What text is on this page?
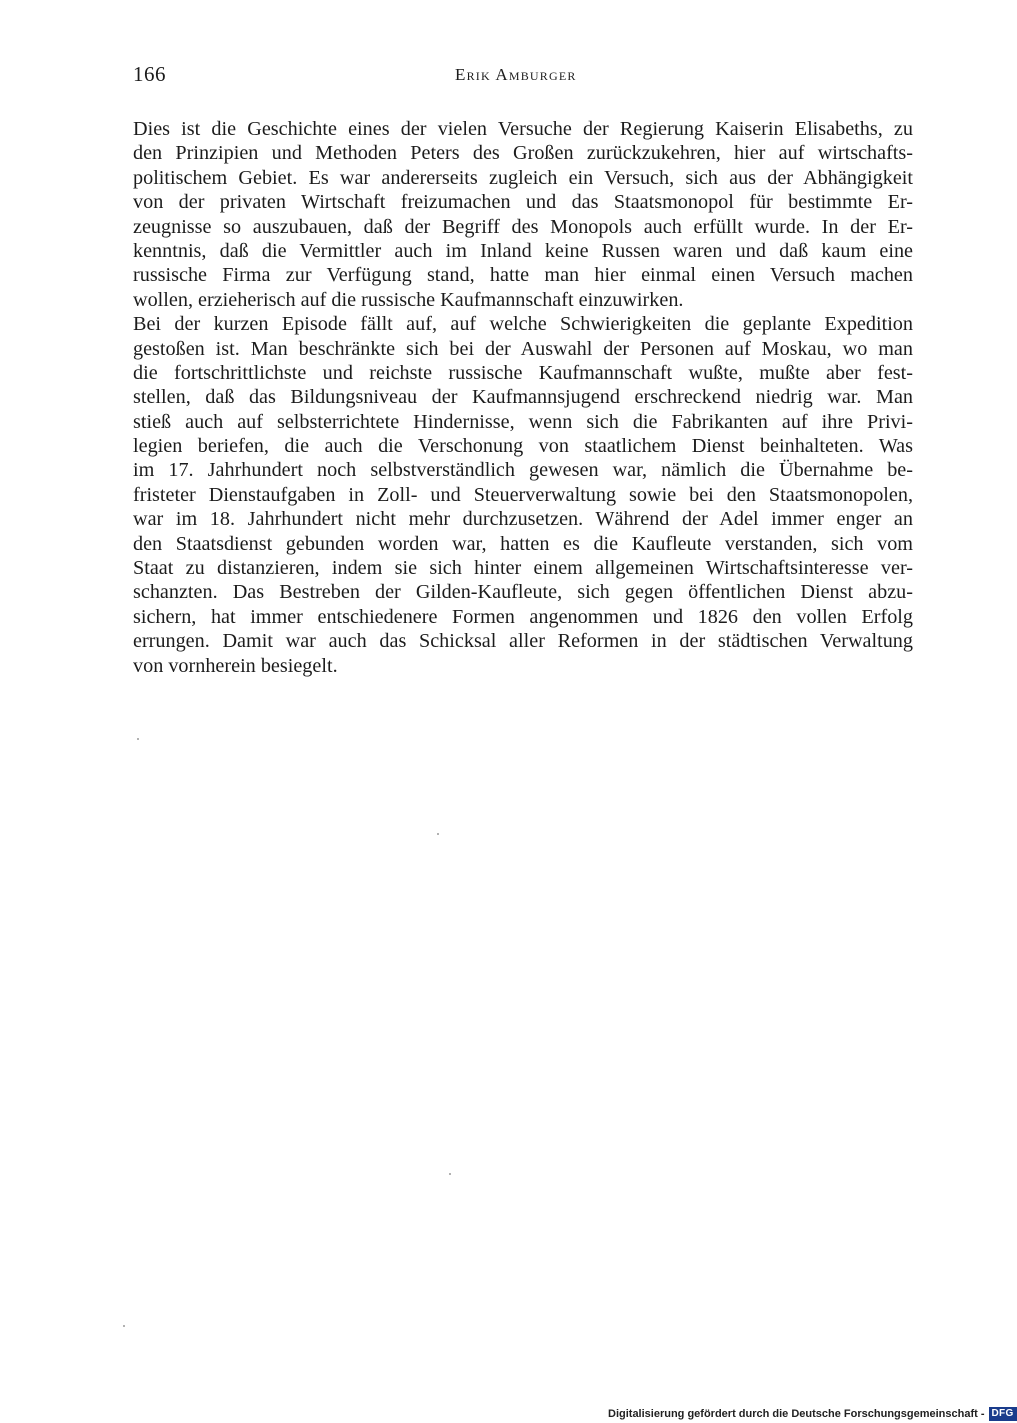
166	Erik Amburger
Dies ist die Geschichte eines der vielen Versuche der Regierung Kaiserin Elisabeths, zu
den Prinzipien und Methoden Peters des Großen zurückzukehren, hier auf wirtschafts-
politischem Gebiet. Es war andererseits zugleich ein Versuch, sich aus der Abhängigkeit
von der privaten Wirtschaft freizumachen und das Staatsmonopol für bestimmte Er-
zeugnisse so auszubauen, daß der Begriff des Monopols auch erfüllt wurde. In der Er-
kenntnis, daß die Vermittler auch im Inland keine Russen waren und daß kaum eine
russische Firma zur Verfügung stand, hatte man hier einmal einen Versuch machen
wollen, erzieherisch auf die russische Kaufmannschaft einzuwirken.
Bei der kurzen Episode fällt auf, auf welche Schwierigkeiten die geplante Expedition
gestoßen ist. Man beschränkte sich bei der Auswahl der Personen auf Moskau, wo man
die fortschrittlichste und reichste russische Kaufmannschaft wußte, mußte aber fest-
stellen, daß das Bildungsniveau der Kaufmannsjugend erschreckend niedrig war. Man
stieß auch auf selbsterrichtete Hindernisse, wenn sich die Fabrikanten auf ihre Privi-
legien beriefen, die auch die Verschonung von staatlichem Dienst beinhalteten. Was
im 17. Jahrhundert noch selbstverständlich gewesen war, nämlich die Übernahme be-
fristeter Dienstaufgaben in Zoll- und Steuerverwaltung sowie bei den Staatsmonopolen,
war im 18. Jahrhundert nicht mehr durchzusetzen. Während der Adel immer enger an
den Staatsdienst gebunden worden war, hatten es die Kaufleute verstanden, sich vom
Staat zu distanzieren, indem sie sich hinter einem allgemeinen Wirtschaftsinteresse ver-
schanzten. Das Bestreben der Gilden-Kaufleute, sich gegen öffentlichen Dienst abzu-
sichern, hat immer entschiedenere Formen angenommen und 1826 den vollen Erfolg
errungen. Damit war auch das Schicksal aller Reformen in der städtischen Verwaltung
von vornherein besiegelt.
Digitalisierung gefördert durch die Deutsche Forschungsgemeinschaft - DFG
